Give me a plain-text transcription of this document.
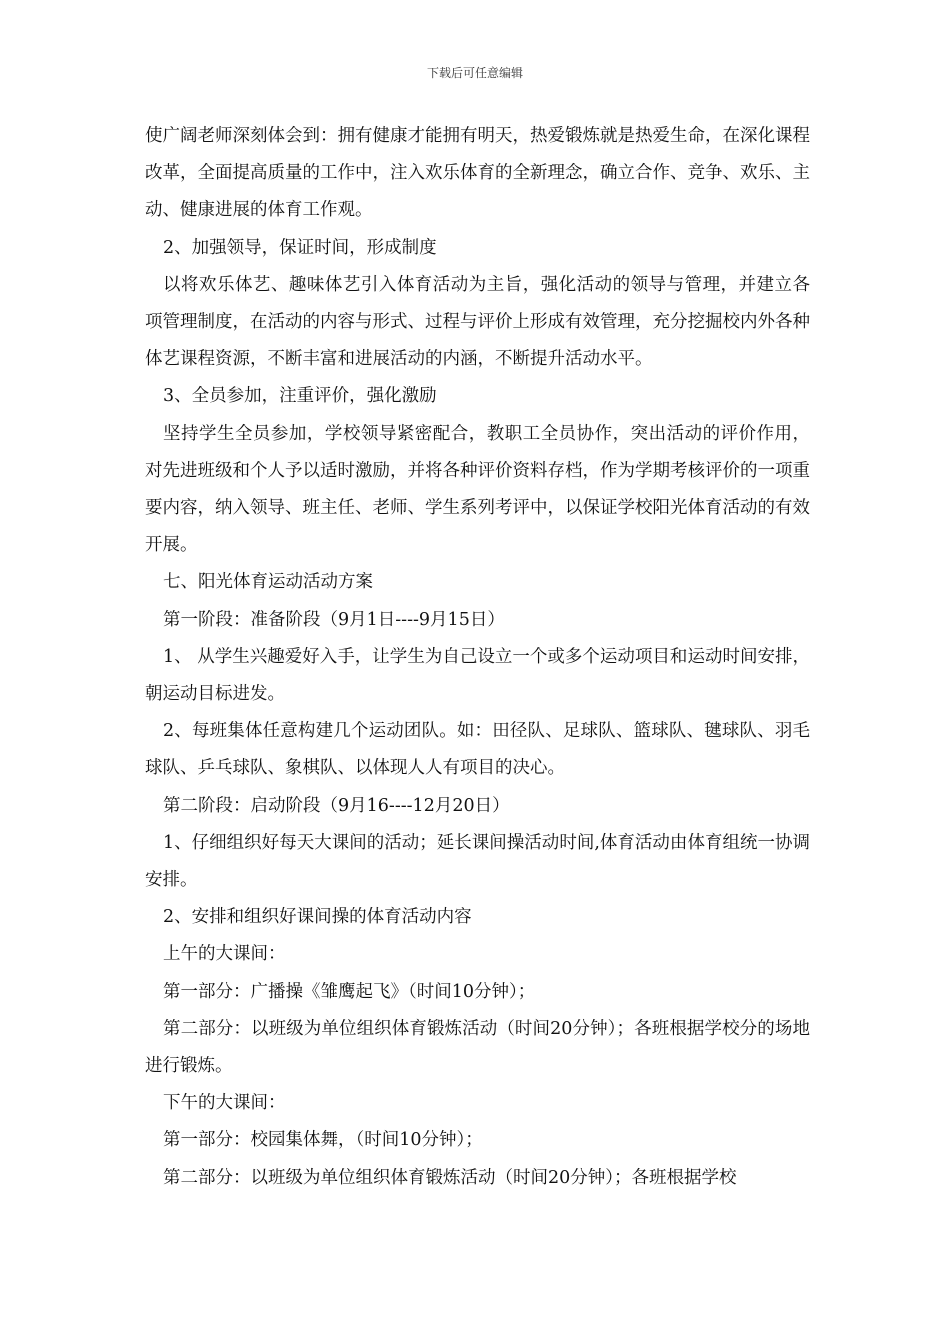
下载后可任意编辑

使广阔老师深刻体会到：拥有健康才能拥有明天，热爱锻炼就是热爱生命，在深化课程改革，全面提高质量的工作中，注入欢乐体育的全新理念，确立合作、竞争、欢乐、主动、健康进展的体育工作观。

2、加强领导，保证时间，形成制度

以将欢乐体艺、趣味体艺引入体育活动为主旨，强化活动的领导与管理，并建立各项管理制度，在活动的内容与形式、过程与评价上形成有效管理，充分挖掘校内外各种体艺课程资源，不断丰富和进展活动的内涵，不断提升活动水平。

3、全员参加，注重评价，强化激励

坚持学生全员参加，学校领导紧密配合，教职工全员协作，突出活动的评价作用，对先进班级和个人予以适时激励，并将各种评价资料存档，作为学期考核评价的一项重要内容，纳入领导、班主任、老师、学生系列考评中，以保证学校阳光体育活动的有效开展。

七、阳光体育运动活动方案

第一阶段：准备阶段（9月1日----9月15日）

1、 从学生兴趣爱好入手，让学生为自己设立一个或多个运动项目和运动时间安排，朝运动目标进发。

2、每班集体任意构建几个运动团队。如：田径队、足球队、篮球队、毽球队、羽毛球队、乒乓球队、象棋队、以体现人人有项目的决心。

第二阶段：启动阶段（9月16----12月20日）

1、仔细组织好每天大课间的活动；延长课间操活动时间,体育活动由体育组统一协调安排。

2、安排和组织好课间操的体育活动内容

上午的大课间：

第一部分：广播操《雏鹰起飞》（时间10分钟）；

第二部分：以班级为单位组织体育锻炼活动（时间20分钟）；各班根据学校分的场地进行锻炼。

下午的大课间：

第一部分：校园集体舞，（时间10分钟）；

第二部分：以班级为单位组织体育锻炼活动（时间20分钟）；各班根据学校
